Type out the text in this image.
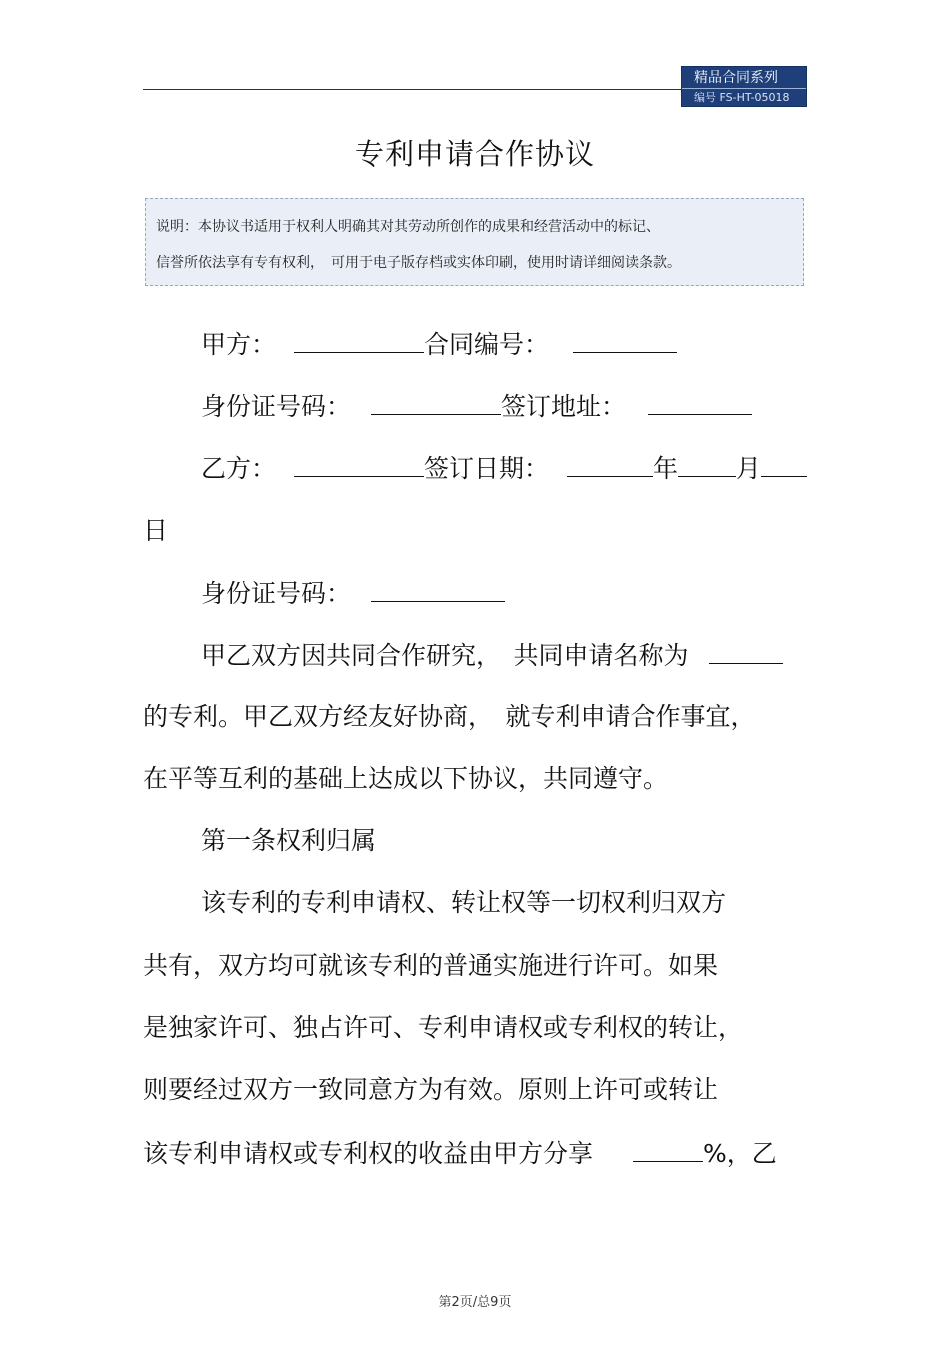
精品合同系列
编号 FS-HT-05018
专利申请合作协议
说明：本协议书适用于权利人明确其对其劳动所创作的成果和经营活动中的标记、
信誉所依法享有专有权利，　可用于电子版存档或实体印刷，使用时请详细阅读条款。
甲方：	合同编号：
身份证号码：	签订地址：
乙方：	签订日期：	年 月
日
身份证号码：
甲乙双方因共同合作研究，　共同申请名称为
的专利。甲乙双方经友好协商，　就专利申请合作事宜，
在平等互利的基础上达成以下协议，共同遵守。
第一条权利归属
该专利的专利申请权、转让权等一切权利归双方
共有，双方均可就该专利的普通实施进行许可。如果
是独家许可、独占许可、专利申请权或专利权的转让，
则要经过双方一致同意方为有效。原则上许可或转让
该专利申请权或专利权的收益由甲方分享	%，乙
第2页/总9页
